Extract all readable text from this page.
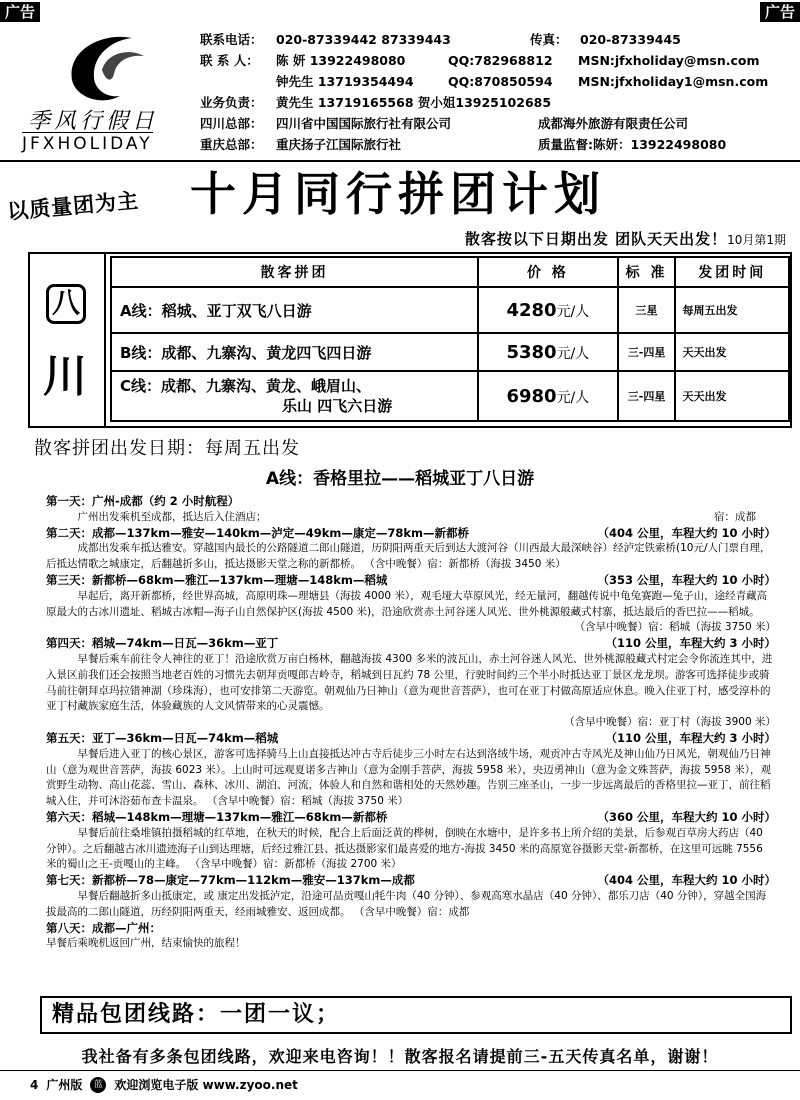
广告	广告
季风行假日
JFXHOLIDAY
联系电话： 020-87339442 87339443	传真： 020-87339445
联 系 人： 陈 妍 13922498080	QQ:782968812 MSN:jfxholiday@msn.com
钟先生 13719354494	QQ:870850594 MSN:jfxholiday1@msn.com
业务负责： 黄先生 13719165568 贺小姐13925102685
四川总部： 四川省中国国际旅行社有限公司	成都海外旅游有限责任公司
重庆总部： 重庆扬子江国际旅行社	质量监督:陈妍：13922498080
十月同行拼团计划
以质量团为主
散客按以下日期出发 团队天天出发！10月第1期
八
川
散客拼团	价 格	标 准	发团时间
A线：稻城、亚丁双飞八日游	4280元/人	三星	每周五出发
B线：成都、九寨沟、黄龙四飞四日游	5380元/人	三-四星	天天出发

C线：成都、九寨沟、黄龙、峨眉山、
乐山 四飞六日游	6980元/人	三-四星	天天出发
散客拼团出发日期：每周五出发
A线：香格里拉——稻城亚丁八日游
第一天：广州-成都（约 2 小时航程）

广州出发乘机至成都，抵达后入住酒店；	宿：成都

第二天：成都—137km—雅安—140km—泸定—49km—康定—78km—新都桥	（404 公里，车程大约 10 小时）

成都出发乘车抵达雅安。穿越国内最长的公路隧道二郎山隧道，历阴阳两重天后到达大渡河谷（川西最大最深峡谷）经泸定铁索桥(10元/人门票自理，后抵达情歌之城康定，后翻越折多山，抵达摄影天堂之称的新都桥。 （含中晚餐）宿：新都桥（海拔 3450 米）

第三天：新都桥—68km—雅江—137km—理塘—148km—稻城	（353 公里，车程大约 10 小时）

早起后，离开新都桥，经世界高城，高原明珠—理塘县（海拔 4000 米），观毛垭大草原风光，经无量河，翻越传说中龟兔赛跑—兔子山，途经青藏高原最大的古冰川遗址、稻城古冰帽—海子山自然保护区(海拔 4500 米)，沿途欣赏赤土河谷迷人风光、世外桃源般藏式村寨，抵达最后的香巴拉——稻城。

（含早中晚餐）宿：稻城（海拔 3750 米）
第四天：稻城—74km—日瓦—36km—亚丁	（110 公里，车程大约 3 小时）

早餐后乘车前往令人神往的亚丁！沿途欣赏万亩白杨林，翻越海拔 4300 多米的波瓦山，赤土河谷迷人风光、世外桃源般藏式村定会令你流连其中，进入景区前我们还会按照当地老百姓的习惯先去朝拜贡嘎郎吉岭寺，稻城到日瓦约 78 公里，行驶时间约三个半小时抵达亚丁景区龙龙坝。游客可选择徒步或骑马前往朝拜卓玛拉错神湖（珍珠海），也可安排第二天游览。朝观仙乃日神山（意为观世音菩萨），也可在亚丁村做高原适应休息。晚入住亚丁村，感受淳朴的亚丁村藏族家庭生活，体验藏族的人文风情带来的心灵震憾。

（含早中晚餐）宿：亚丁村（海拔 3900 米）
第五天：亚丁—36km—日瓦—74km—稻城	（110 公里，车程大约 3 小时）

早餐后进入亚丁的核心景区，游客可选择骑马上山直接抵达冲古寺后徒步三小时左右达到洛绒牛场，观贡冲古寺风光及神山仙乃日风光，朝观仙乃日神山（意为观世音菩萨，海拔 6023 米）。上山时可远观夏诺多吉神山（意为金刚手菩萨，海拔 5958 米），央迈勇神山（意为金文殊菩萨，海拔 5958 米），观赏野生动物、高山花蕊、雪山、森林、冰川、湖泊、河流，体验人和自然和谐相处的天然妙趣。告别三座圣山，一步一步远离最后的香格里拉—亚丁，前往稻城入住，并可沐浴茹布查卡温泉。 （含早中晚餐）宿：稻城（海拔 3750 米）

第六天：稻城—148km—理塘—137km—雅江—68km—新都桥	（360 公里，车程大约 10 小时）

早餐后前往桑堆镇拍摄稻城的红草地，在秋天的时候，配合上后面泛黄的桦树，倒映在水塘中，是许多书上所介绍的美景，后参观百草房大药店（40 分钟）。之后翻越古冰川遗迹海子山到达理塘，后经过雅江县、抵达摄影家们最喜爱的地方-海拔 3450 米的高原宽谷摄影天堂-新都桥，在这里可远眺 7556 米的蜀山之王-贡嘎山的主峰。 （含早中晚餐）宿：新都桥（海拔 2700 米）

第七天：新都桥—78—康定—77km—112km—雅安—137km—成都	（404 公里，车程大约 10 小时）

早餐后翻越折多山抵康定，或 康定出发抵泸定，沿途可品贡嘎山牦牛肉（40 分钟）、参观高寒水晶店（40 分钟）、都乐刀店（40 分钟），穿越全国海拔最高的二郎山隧道，历经阴阳两重天，经雨城雅安、返回成都。 （含早中晚餐）宿：成都

第八天：成都—广州：
早餐后乘晚机返回广州，结束愉快的旅程！
精品包团线路：一团一议；
我社备有多条包团线路，欢迎来电咨询！！散客报名请提前三-五天传真名单，谢谢！
4 广州版	蓝 欢迎浏览电子版 www.zyoo.net
